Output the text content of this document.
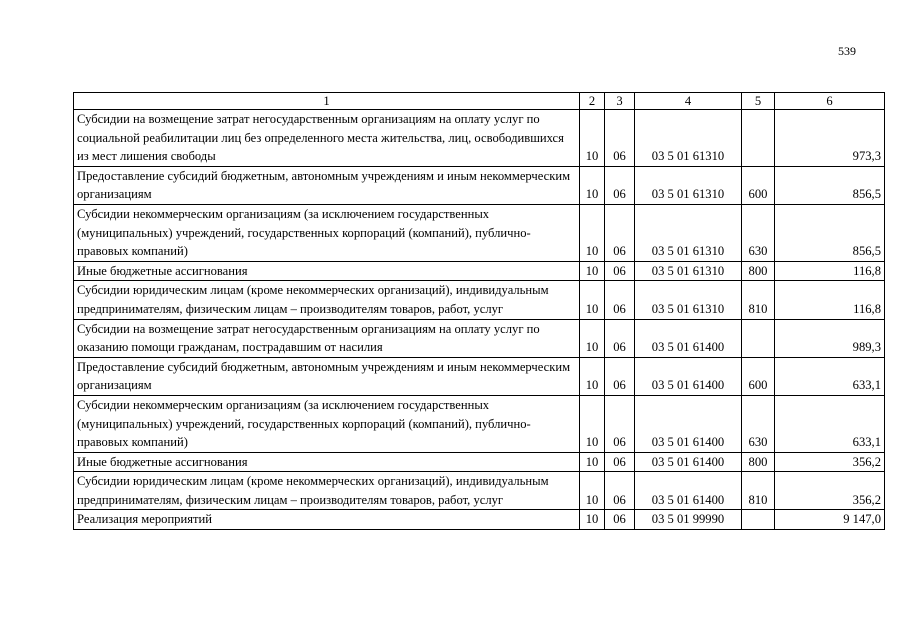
539
1	2	3	4	5	6
Субсидии на возмещение затрат негосударственным организациям на оплату услуг по социальной реабилитации лиц без определенного места жительства, лиц, освободившихся из мест лишения свободы	10	06	03 5 01 61310		973,3
Предоставление субсидий бюджетным, автономным учреждениям и иным некоммерческим организациям	10	06	03 5 01 61310	600	856,5
Субсидии некоммерческим организациям (за исключением государственных (муниципальных) учреждений, государственных корпораций (компаний), публично-правовых компаний)	10	06	03 5 01 61310	630	856,5
Иные бюджетные ассигнования	10	06	03 5 01 61310	800	116,8
Субсидии юридическим лицам (кроме некоммерческих организаций), индивидуальным предпринимателям, физическим лицам – производителям товаров, работ, услуг	10	06	03 5 01 61310	810	116,8
Субсидии на возмещение затрат негосударственным организациям на оплату услуг по оказанию помощи гражданам, пострадавшим от насилия	10	06	03 5 01 61400		989,3
Предоставление субсидий бюджетным, автономным учреждениям и иным некоммерческим организациям	10	06	03 5 01 61400	600	633,1
Субсидии некоммерческим организациям (за исключением государственных (муниципальных) учреждений, государственных корпораций (компаний), публично-правовых компаний)	10	06	03 5 01 61400	630	633,1
Иные бюджетные ассигнования	10	06	03 5 01 61400	800	356,2
Субсидии юридическим лицам (кроме некоммерческих организаций), индивидуальным предпринимателям, физическим лицам – производителям товаров, работ, услуг	10	06	03 5 01 61400	810	356,2
Реализация мероприятий	10	06	03 5 01 99990		9 147,0
